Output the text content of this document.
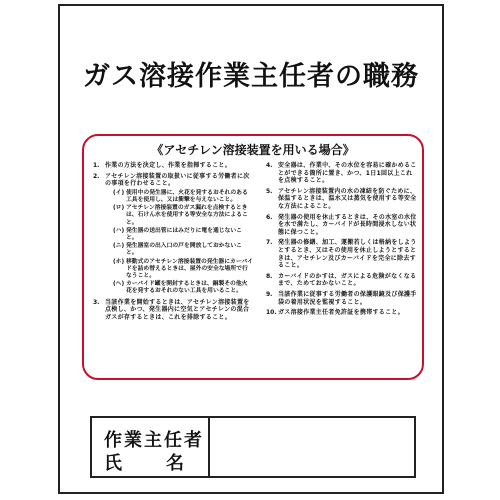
ガス溶接作業主任者の職務
《アセチレン溶接装置を用いる場合》
1. 作業の方法を決定し、作業を指揮すること。
2. アセチレン溶接装置の取扱いに従事する労働者に次の事項を行わせること。
(イ) 使用中の発生器に、火花を発するおそれのある工具を使用し、又は衝撃を与えないこと。
(ロ) アセチレン溶接装置のガス漏れを点検するときは、石けん水を使用する等安全な方法によること。
(ハ) 発生器の送出管にはみだりに電を通じないこと。
(ニ) 発生器室の出入口の戸を開放しておかないこと。
(ホ) 移動式のアセチレン溶接装置の発生器にカーバイドを詰め替えるときは、屋外の安全な場所で行なうこと。
(ヘ) カーバイド罐を開封するときは、銅製その他火花を発するおそれのない工具を用いること。
3. 当該作業を開始するときは、アセチレン溶接装置を点検し、かつ、発生器内に空気とアセチレンの混合ガスが存するときは、これを排除すること。
4. 安全器は、作業中、その水位を容易に確かめることができる箇所に置き、かつ、1日1回以上これを点検すること。
5. アセチレン溶接装置内の水の凍結を防ぐために、保温するときは、温水又は蒸気を使用する等安全な方法によること。
6. 発生器の使用を休止するときは、その水室の水位を水で満たし、カーバイドが長時間浸水しない状態に保つこと。
7. 発生器の修繕、加工、運搬若しくは格納をしようとするとき、又はその使用を休止しようとするときは、アセチレン及びカーバイドを完全に除去すること。
8. カーバイドのかすは、ガスによる危険がなくなるまで、ためておかないこと。
9. 当該作業に従事する労働者の保護眼鏡及び保護手袋の着用状況を監視すること。
10. ガス溶接作業主任者免許証を携帯すること。
作業主任者
氏 名
